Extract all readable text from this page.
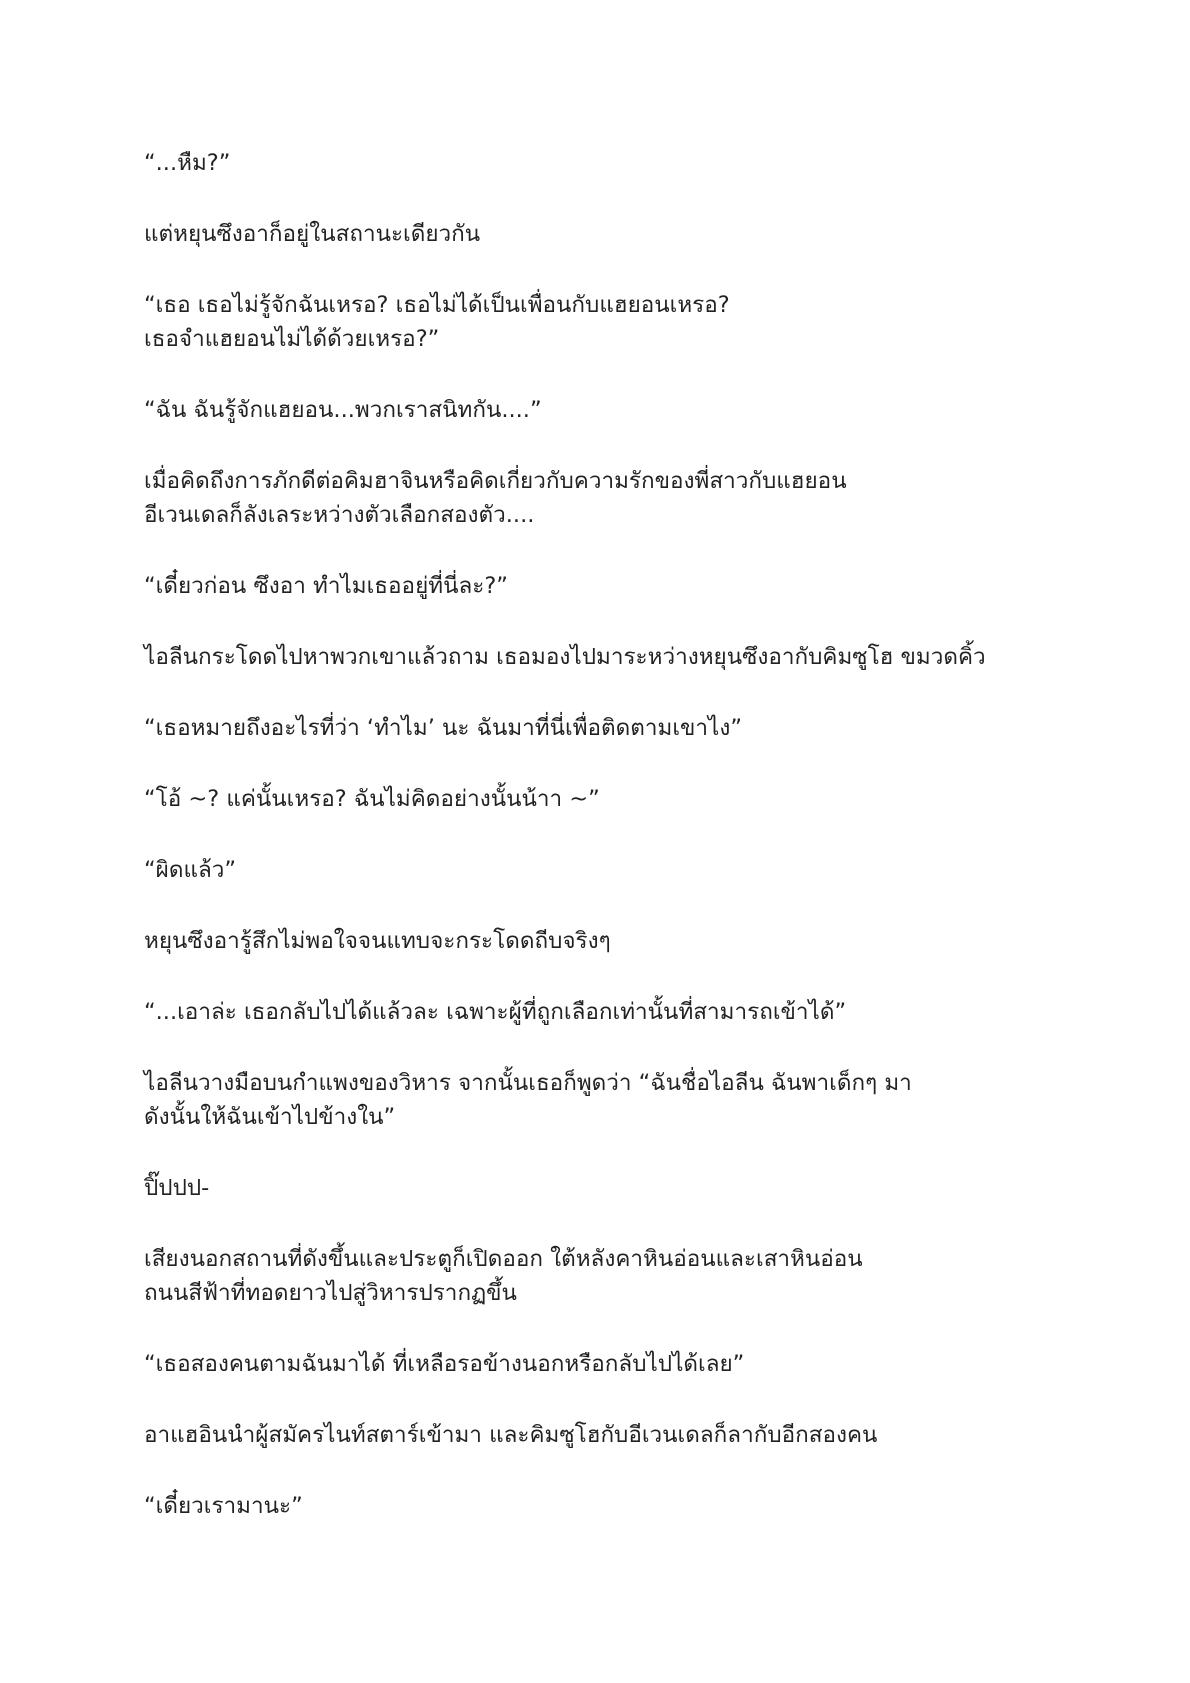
“...หืม?”

แต่หยุนซึงอาก็อยู่ในสถานะเดียวกัน

“เธอ เธอไม่รู้จักฉันเหรอ? เธอไม่ได้เป็นเพื่อนกับแฮยอนเหรอ?
เธอจำแฮยอนไม่ได้ด้วยเหรอ?”

“ฉัน ฉันรู้จักแฮยอน...พวกเราสนิทกัน....”

เมื่อคิดถึงการภักดีต่อคิมฮาจินหรือคิดเกี่ยวกับความรักของพี่สาวกับแฮยอน
อีเวนเดลก็ลังเลระหว่างตัวเลือกสองตัว....

“เดี๋ยวก่อน ซึงอา ทำไมเธออยู่ที่นี่ละ?”

ไอลีนกระโดดไปหาพวกเขาแล้วถาม เธอมองไปมาระหว่างหยุนซึงอากับคิมซูโฮ ขมวดคิ้ว

“เธอหมายถึงอะไรที่ว่า ‘ทำไม’ นะ ฉันมาที่นี่เพื่อติดตามเขาไง”

“โอ้ ~? แค่นั้นเหรอ? ฉันไม่คิดอย่างนั้นน้าา ~”

“ผิดแล้ว”

หยุนซึงอารู้สึกไม่พอใจจนแทบจะกระโดดถีบจริงๆ

“...เอาล่ะ เธอกลับไปได้แล้วละ เฉพาะผู้ที่ถูกเลือกเท่านั้นที่สามารถเข้าได้”

ไอลีนวางมือบนกำแพงของวิหาร จากนั้นเธอก็พูดว่า “ฉันชื่อไอลีน ฉันพาเด็กๆ มา
ดังนั้นให้ฉันเข้าไปข้างใน”

ปิ๊ปปป-

เสียงนอกสถานที่ดังขึ้นและประตูก็เปิดออก ใต้หลังคาหินอ่อนและเสาหินอ่อน
ถนนสีฟ้าที่ทอดยาวไปสู่วิหารปรากฏขึ้น

“เธอสองคนตามฉันมาได้ ที่เหลือรอข้างนอกหรือกลับไปได้เลย”

อาแฮอินนำผู้สมัครไนท์สตาร์เข้ามา และคิมซูโฮกับอีเวนเดลก็ลากับอีกสองคน

“เดี๋ยวเรามานะ”
